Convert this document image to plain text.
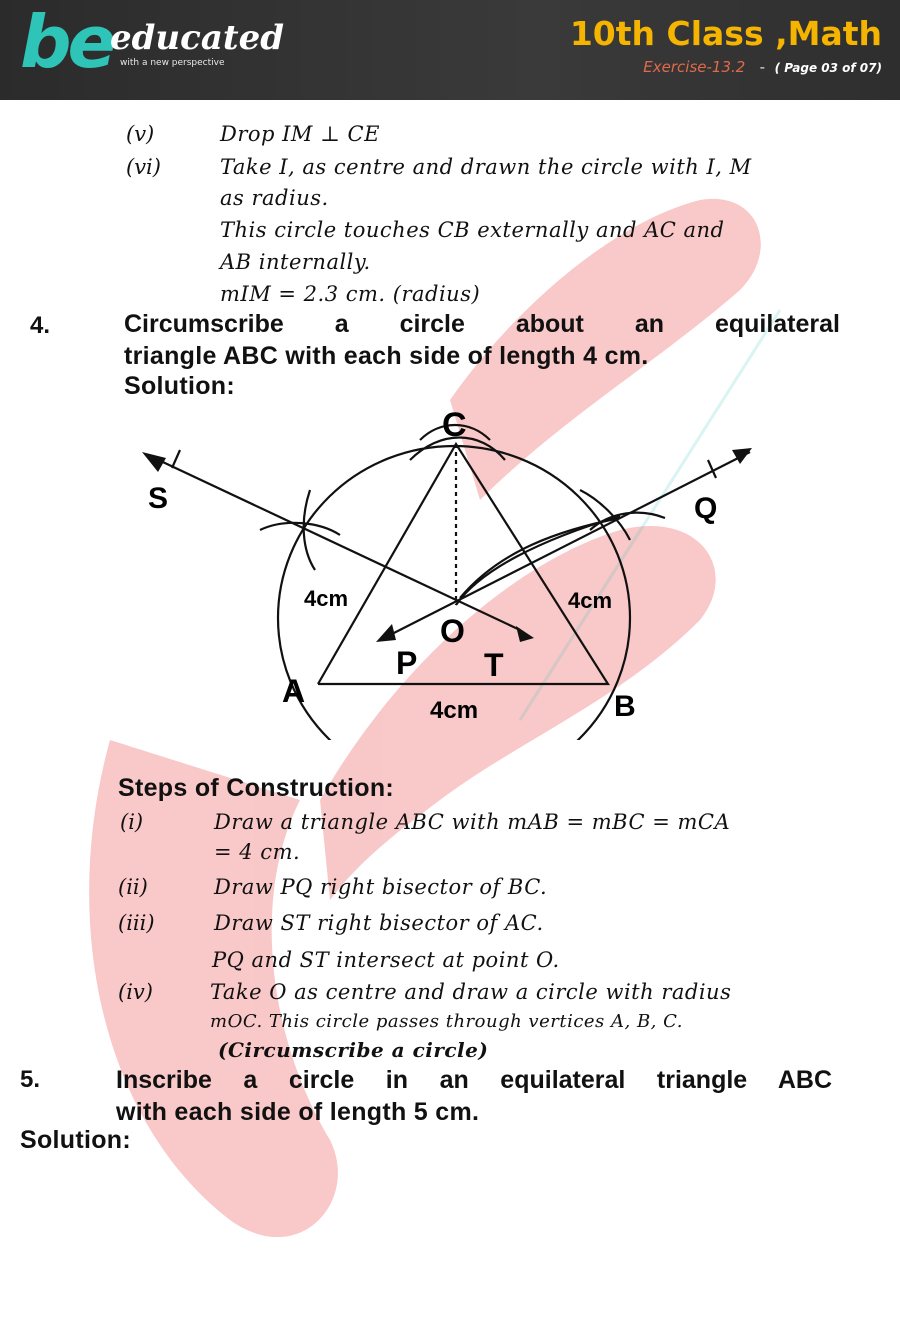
be
educated
with a new perspective
10th Class ,Math
Exercise-13.2 - ( Page 03 of 07)
(v)	Drop IM ⊥ CE
(vi)	Take I, as centre and drawn the circle with I, M
as radius.
This circle touches CB externally and AC and
AB internally.
mIM = 2.3 cm. (radius)
4.	Circumscribe a circle about an equilateral
triangle ABC with each side of length 4 cm.
Solution:
C
S	Q
A	B
O
P T
4cm	4cm
4cm
Steps of Construction:
(i)	Draw a triangle ABC with mAB = mBC = mCA
= 4 cm.
(ii)	Draw PQ right bisector of BC.
(iii)	Draw ST right bisector of AC.
PQ and ST intersect at point O.
(iv)	Take O as centre and draw a circle with radius
mOC. This circle passes through vertices A, B, C.
(Circumscribe a circle)
5.	Inscribe a circle in an equilateral triangle ABC
with each side of length 5 cm.
Solution:
